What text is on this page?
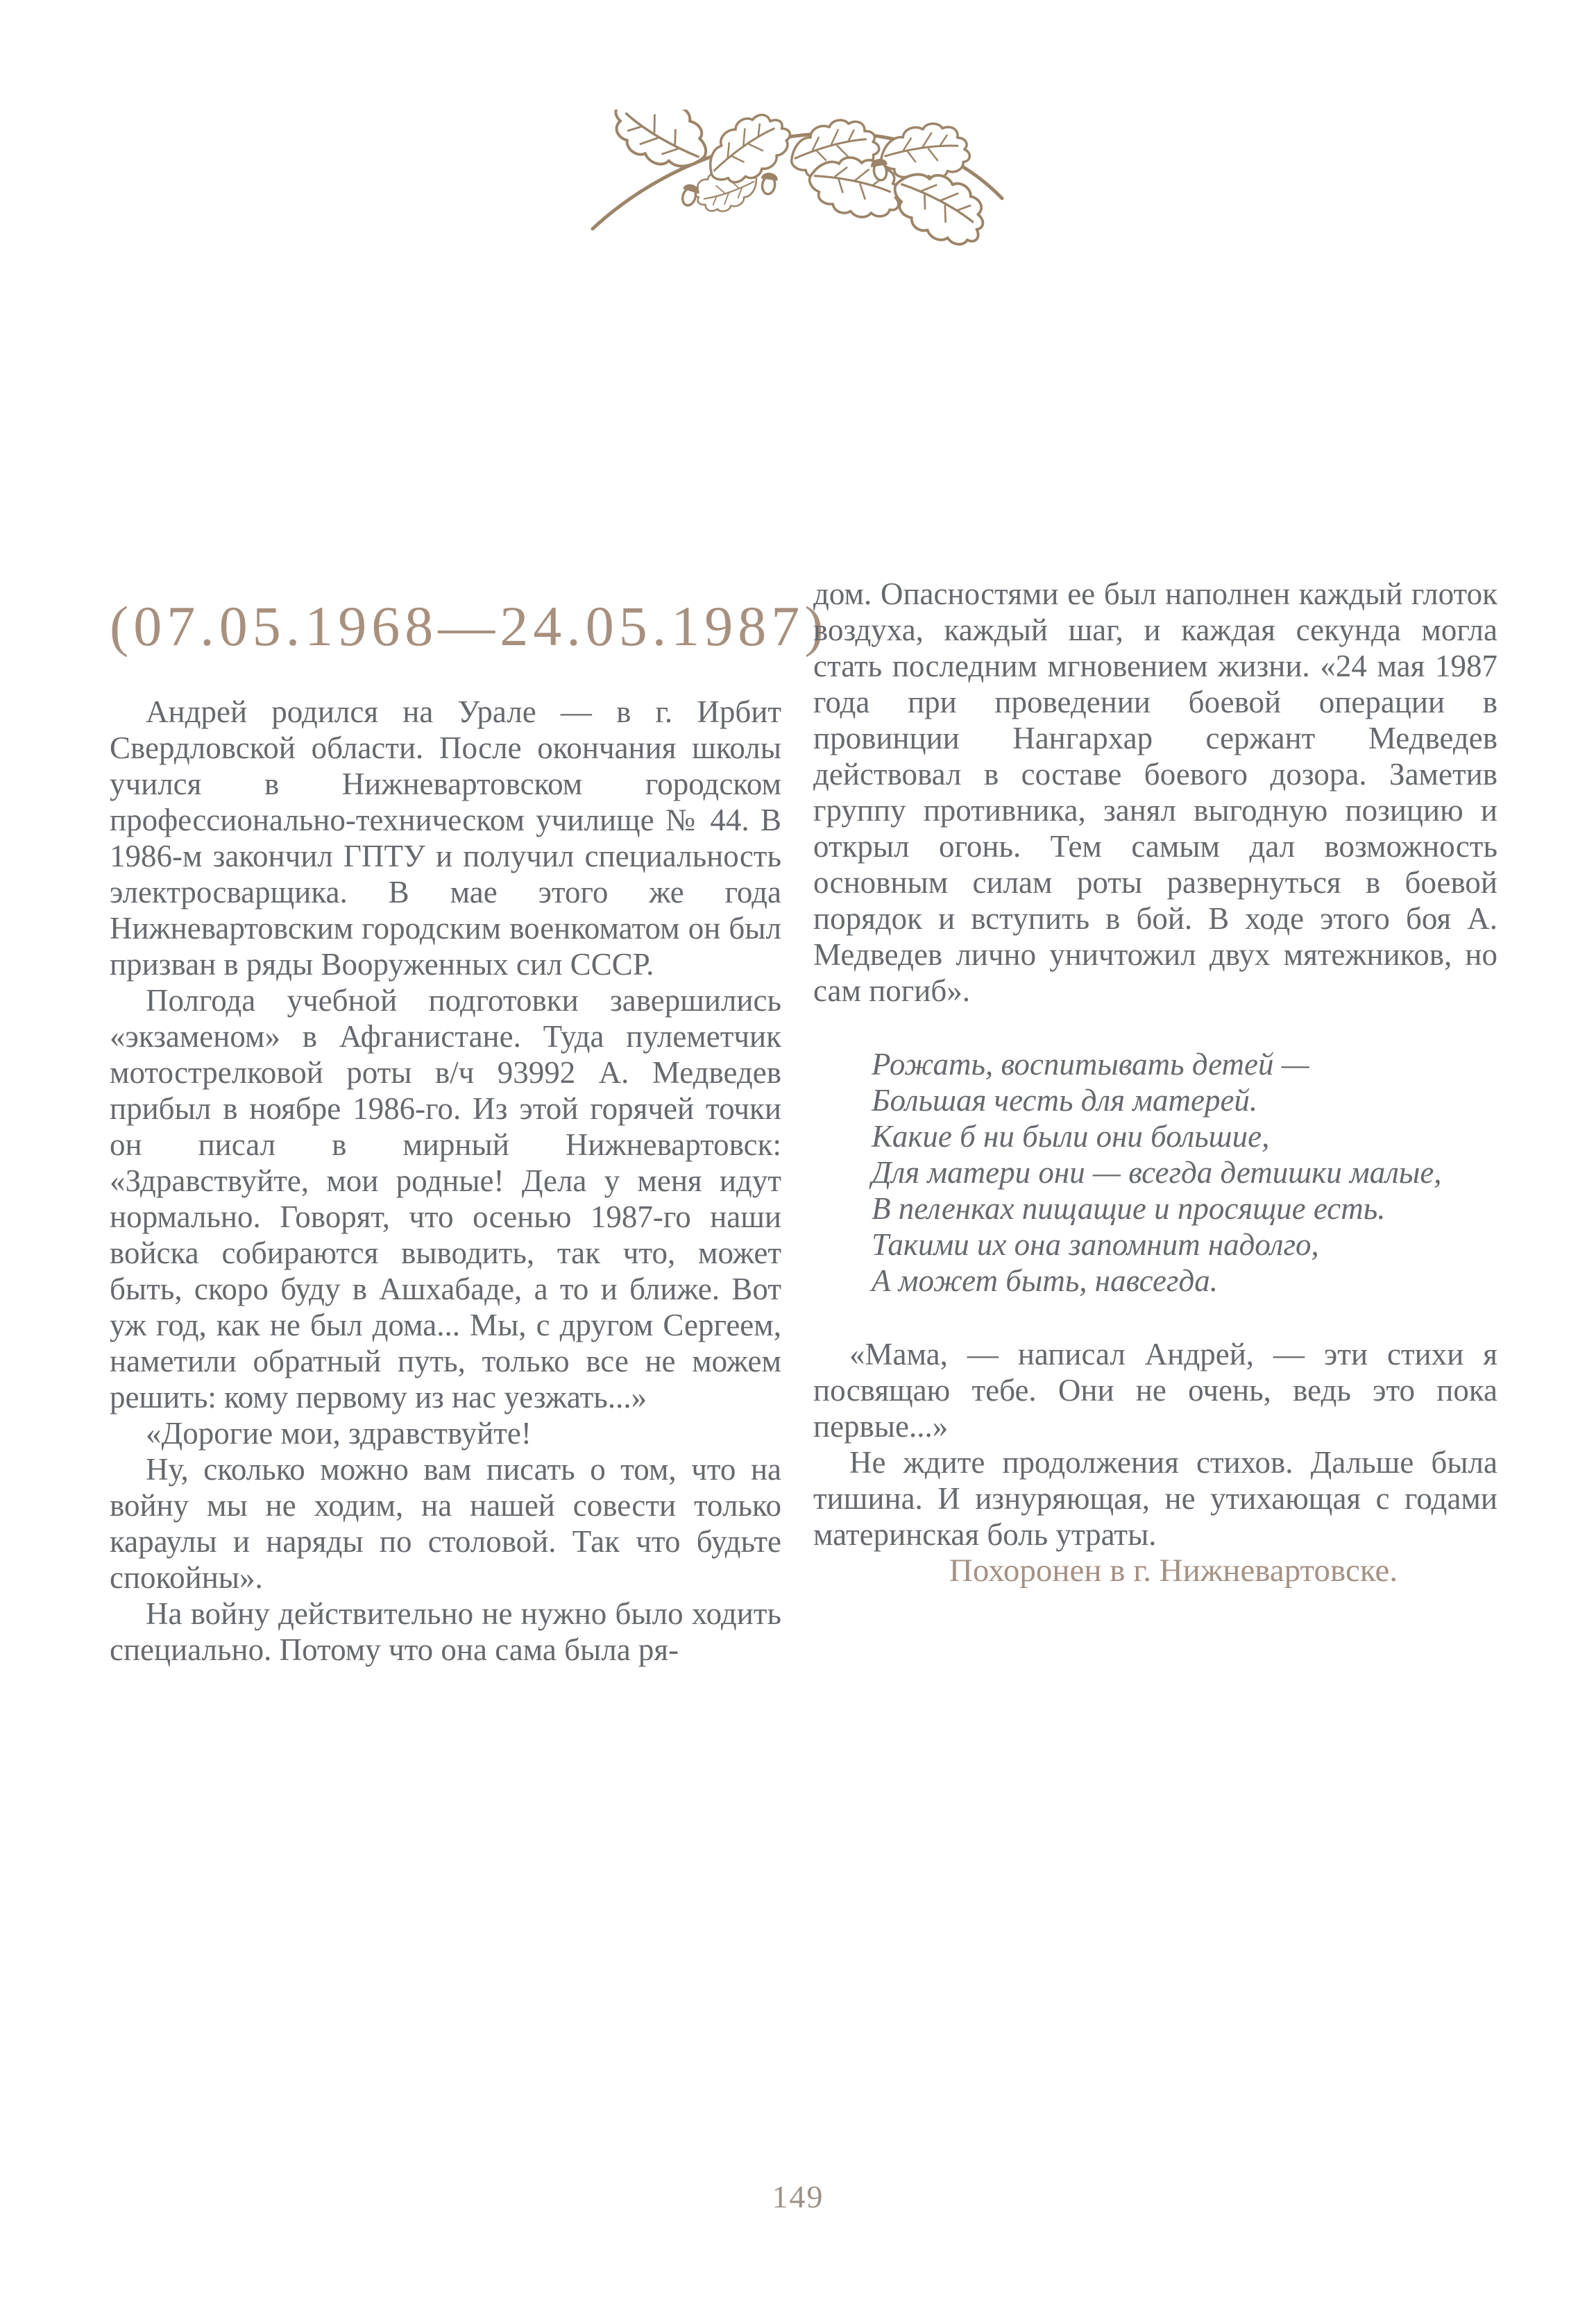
(07.05.1968—24.05.1987)

Андрей родился на Урале — в г. Ирбит Свердловской области. После окончания школы учился в Нижневартовском городском профессионально-техническом училище № 44. В 1986-м закончил ГПТУ и получил специальность электросварщика. В мае этого же года Нижневартовским городским военкоматом он был призван в ряды Вооруженных сил СССР.

Полгода учебной подготовки завершились «экзаменом» в Афганистане. Туда пулеметчик мотострелковой роты в/ч 93992 А. Медведев прибыл в ноябре 1986-го. Из этой горячей точки он писал в мирный Нижневартовск: «Здравствуйте, мои родные! Дела у меня идут нормально. Говорят, что осенью 1987-го наши войска собираются выводить, так что, может быть, скоро буду в Ашхабаде, а то и ближе. Вот уж год, как не был дома... Мы, с другом Сергеем, наметили обратный путь, только все не можем решить: кому первому из нас уезжать...»

«Дорогие мои, здравствуйте!

Ну, сколько можно вам писать о том, что на войну мы не ходим, на нашей совести только караулы и наряды по столовой. Так что будьте спокойны».

На войну действительно не нужно было ходить специально. Потому что она сама была ря-

дом. Опасностями ее был наполнен каждый глоток воздуха, каждый шаг, и каждая секунда могла стать последним мгновением жизни. «24 мая 1987 года при проведении боевой операции в провинции Нангархар сержант Медведев действовал в составе боевого дозора. Заметив группу противника, занял выгодную позицию и открыл огонь. Тем самым дал возможность основным силам роты развернуться в боевой порядок и вступить в бой. В ходе этого боя А. Медведев лично уничтожил двух мятежников, но сам погиб».

Рожать, воспитывать детей —
Большая честь для матерей.
Какие б ни были они большие,
Для матери они — всегда детишки малые,
В пеленках пищащие и просящие есть.
Такими их она запомнит надолго,
А может быть, навсегда.

«Мама, — написал Андрей, — эти стихи я посвящаю тебе. Они не очень, ведь это пока первые...»

Не ждите продолжения стихов. Дальше была тишина. И изнуряющая, не утихающая с годами материнская боль утраты.

Похоронен в г. Нижневартовске.

149
